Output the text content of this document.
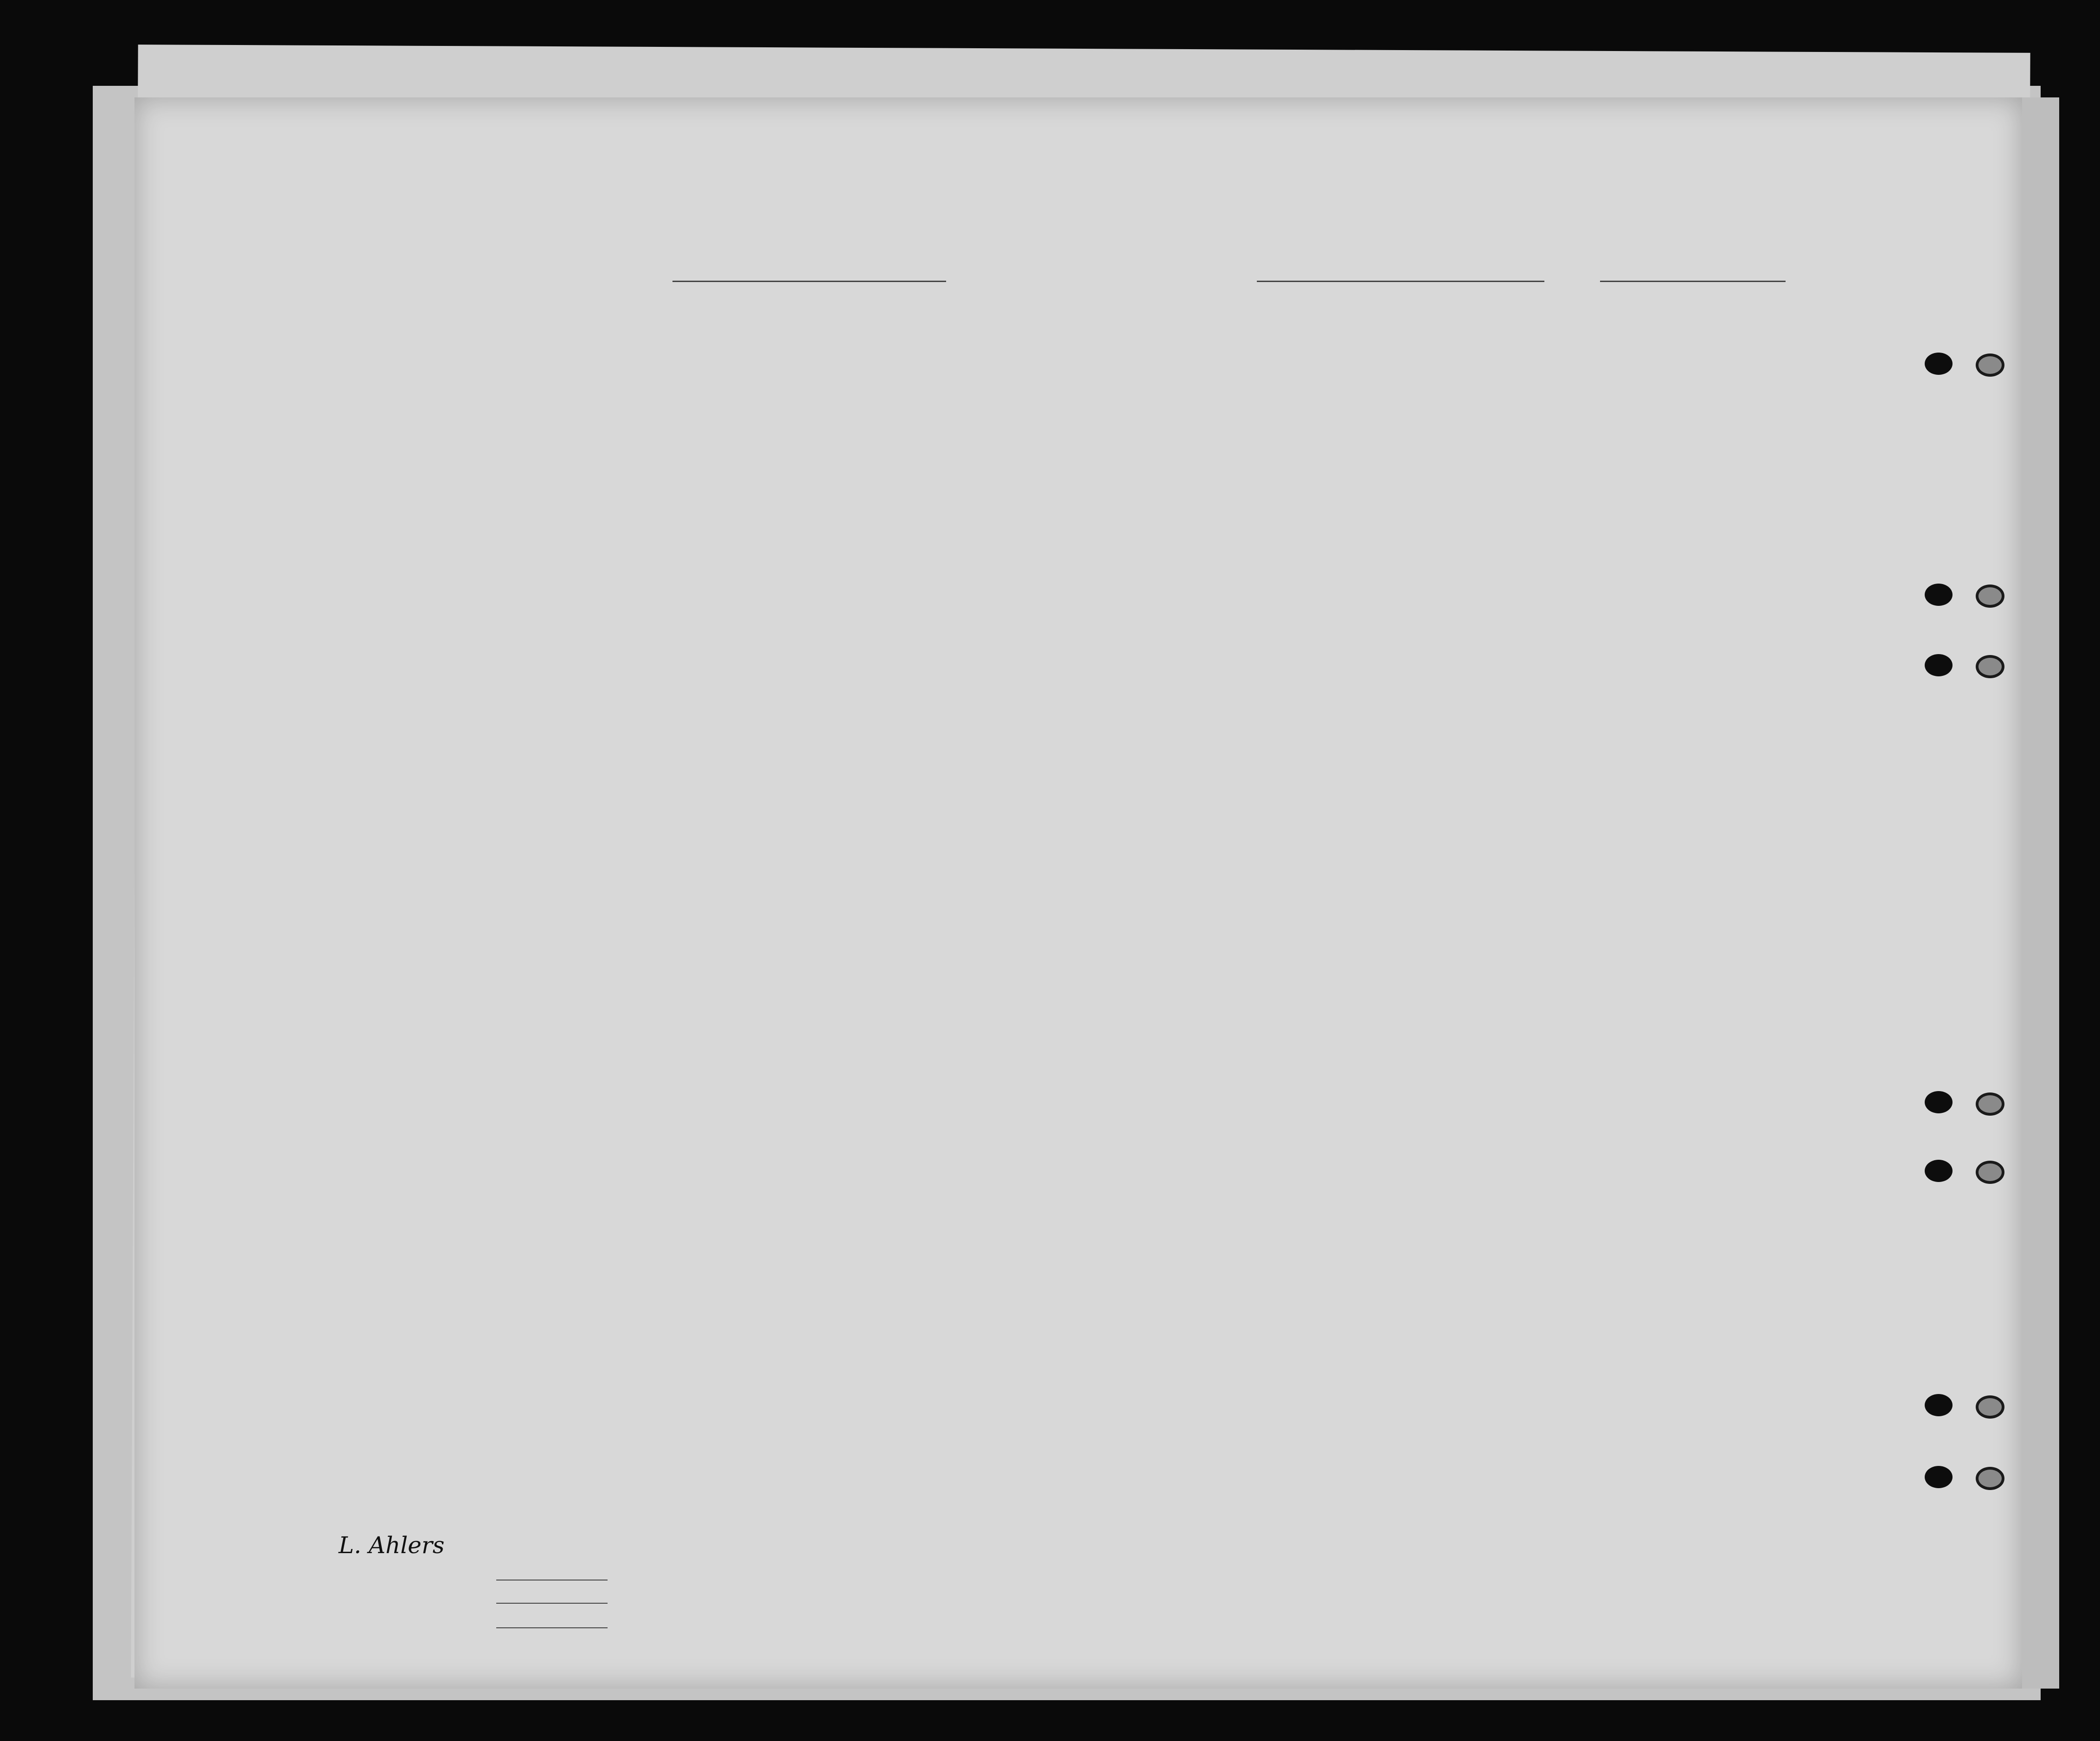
L. Ahlers
